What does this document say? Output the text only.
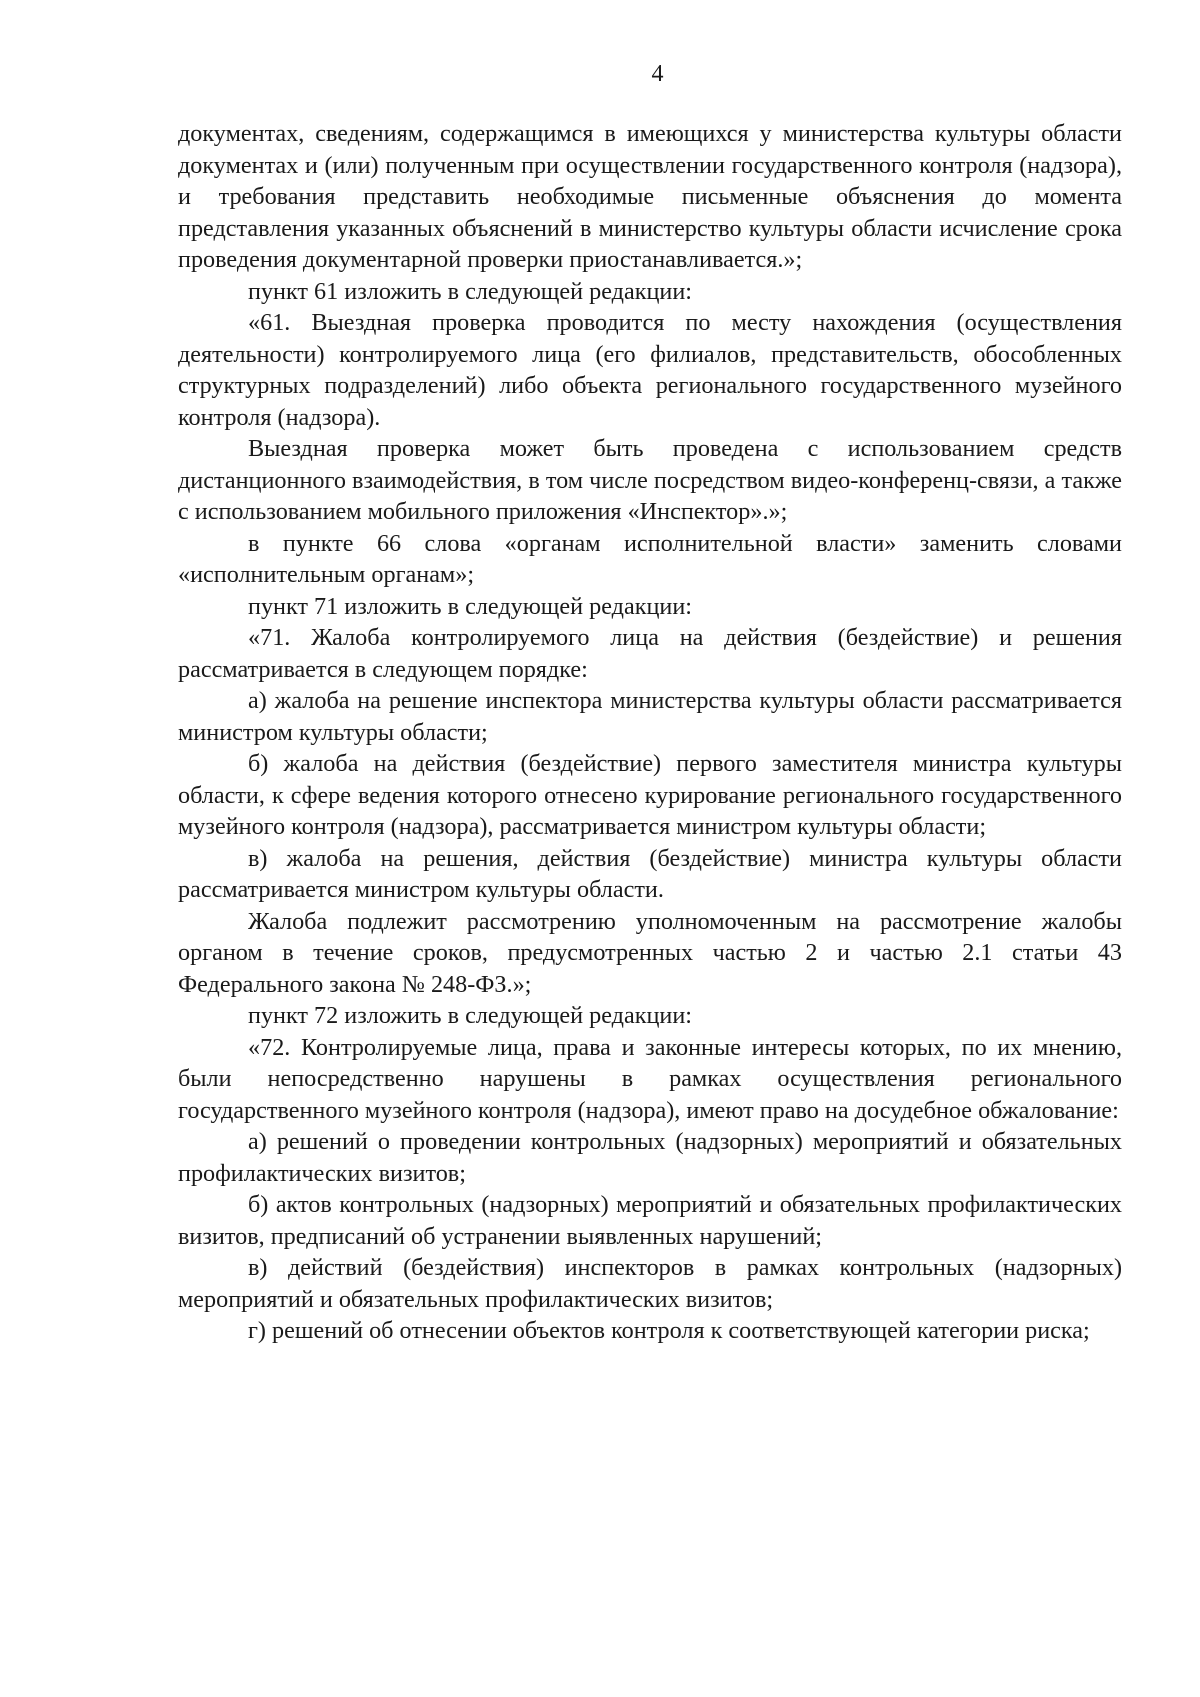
4

документах, сведениям, содержащимся в имеющихся у министерства культуры области документах и (или) полученным при осуществлении государственного контроля (надзора), и требования представить необходимые письменные объяснения до момента представления указанных объяснений в министерство культуры области исчисление срока проведения документарной проверки приостанавливается.»;

пункт 61 изложить в следующей редакции:

«61. Выездная проверка проводится по месту нахождения (осуществления деятельности) контролируемого лица (его филиалов, представительств, обособленных структурных подразделений) либо объекта регионального государственного музейного контроля (надзора).

Выездная проверка может быть проведена с использованием средств дистанционного взаимодействия, в том числе посредством видео-конференц-связи, а также с использованием мобильного приложения «Инспектор».»;

в пункте 66 слова «органам исполнительной власти» заменить словами «исполнительным органам»;

пункт 71 изложить в следующей редакции:

«71. Жалоба контролируемого лица на действия (бездействие) и решения рассматривается в следующем порядке:

а) жалоба на решение инспектора министерства культуры области рассматривается министром культуры области;

б) жалоба на действия (бездействие) первого заместителя министра культуры области, к сфере ведения которого отнесено курирование регионального государственного музейного контроля (надзора), рассматривается министром культуры области;

в) жалоба на решения, действия (бездействие) министра культуры области рассматривается министром культуры области.

Жалоба подлежит рассмотрению уполномоченным на рассмотрение жалобы органом в течение сроков, предусмотренных частью 2 и частью 2.1 статьи 43 Федерального закона № 248-ФЗ.»;

пункт 72 изложить в следующей редакции:

«72. Контролируемые лица, права и законные интересы которых, по их мнению, были непосредственно нарушены в рамках осуществления регионального государственного музейного контроля (надзора), имеют право на досудебное обжалование:

а) решений о проведении контрольных (надзорных) мероприятий и обязательных профилактических визитов;

б) актов контрольных (надзорных) мероприятий и обязательных профилактических визитов, предписаний об устранении выявленных нарушений;

в) действий (бездействия) инспекторов в рамках контрольных (надзорных) мероприятий и обязательных профилактических визитов;

г) решений об отнесении объектов контроля к соответствующей категории риска;
